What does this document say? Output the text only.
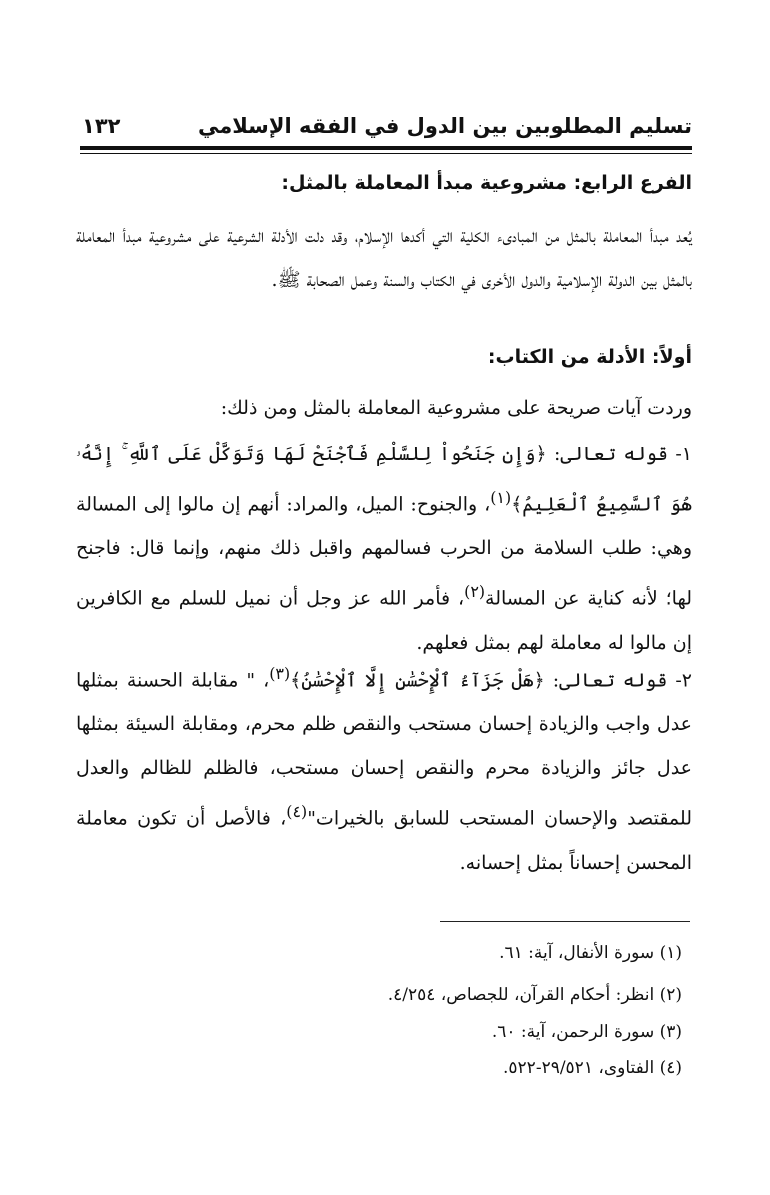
تسليم المطلوبين بين الدول في الفقه الإسلامي
١٣٢
الفرع الرابع: مشروعية مبدأ المعاملة بالمثل:
يُعد مبدأ المعاملة بالمثل من المبادىء الكلية التي أكدها الإسلام، وقد دلت الأدلة الشرعية على مشروعية مبدأ المعاملة بالمثل بين الدولة الإسلامية والدول الأخرى في الكتاب والسنة وعمل الصحابة ﷺ.
أولاً: الأدلة من الكتاب:
وردت آيات صريحة على مشروعية المعاملة بالمثل ومن ذلك:
١- قوله تعالى: ﴿وَإِن جَنَحُواْ لِلسَّلْمِ فَٱجْنَحْ لَهَا وَتَوَكَّلْ عَلَى ٱللَّهِ ۚ إِنَّهُۥ هُوَ ٱلسَّمِيعُ ٱلْعَلِيمُ﴾$^{(١)}$، والجنوح: الميل، والمراد: أنهم إن مالوا إلى المسالة وهي: طلب السلامة من الحرب فسالمهم واقبل ذلك منهم، وإنما قال: فاجنح لها؛ لأنه كناية عن المسالة$^{(٢)}$، فأمر الله عز وجل أن نميل للسلم مع الكافرين إن مالوا له معاملة لهم بمثل فعلهم.
٢- قوله تعالى: ﴿هَلْ جَزَآءُ ٱلْإِحْسَٰنِ إِلَّا ٱلْإِحْسَٰنُ﴾$^{(٣)}$، " مقابلة الحسنة بمثلها عدل واجب والزيادة إحسان مستحب والنقص ظلم محرم، ومقابلة السيئة بمثلها عدل جائز والزيادة محرم والنقص إحسان مستحب، فالظلم للظالم والعدل للمقتصد والإحسان المستحب للسابق بالخيرات"$^{(٤)}$، فالأصل أن تكون معاملة المحسن إحساناً بمثل إحسانه.
(١) سورة الأنفال، آية: ٦١.
(٢) انظر: أحكام القرآن، للجصاص، ٤/٢٥٤.
(٣) سورة الرحمن، آية: ٦٠.
(٤) الفتاوى، ٢٩/٥٢١-٥٢٢.
